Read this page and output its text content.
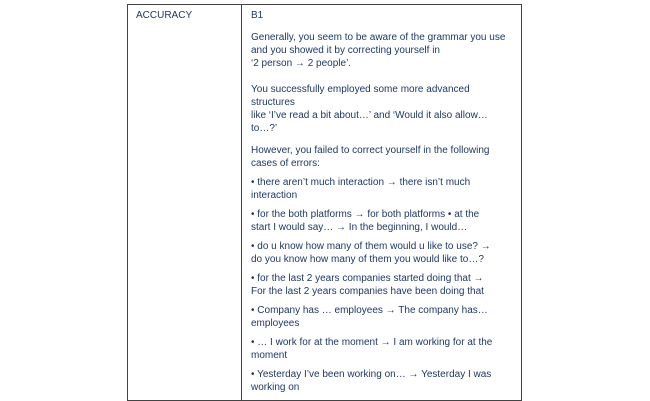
ACCURACY	B1
Generally, you seem to be aware of the grammar you use
and you showed it by correcting yourself in
‘2 person → 2 people’.
You successfully employed some more advanced structures
like ‘I’ve read a bit about…’ and ‘Would it also allow… to…?’
However, you failed to correct yourself in the following
cases of errors:
• there aren’t much interaction → there isn’t much
interaction
• for the both platforms → for both platforms • at the
start I would say… → In the beginning, I would…
• do u know how many of them would u like to use? →
do you know how many of them you would like to…?
• for the last 2 years companies started doing that →
For the last 2 years companies have been doing that
• Company has … employees → The company has…
employees
• … I work for at the moment → I am working for at the
moment
• Yesterday I’ve been working on… → Yesterday I was
working on
